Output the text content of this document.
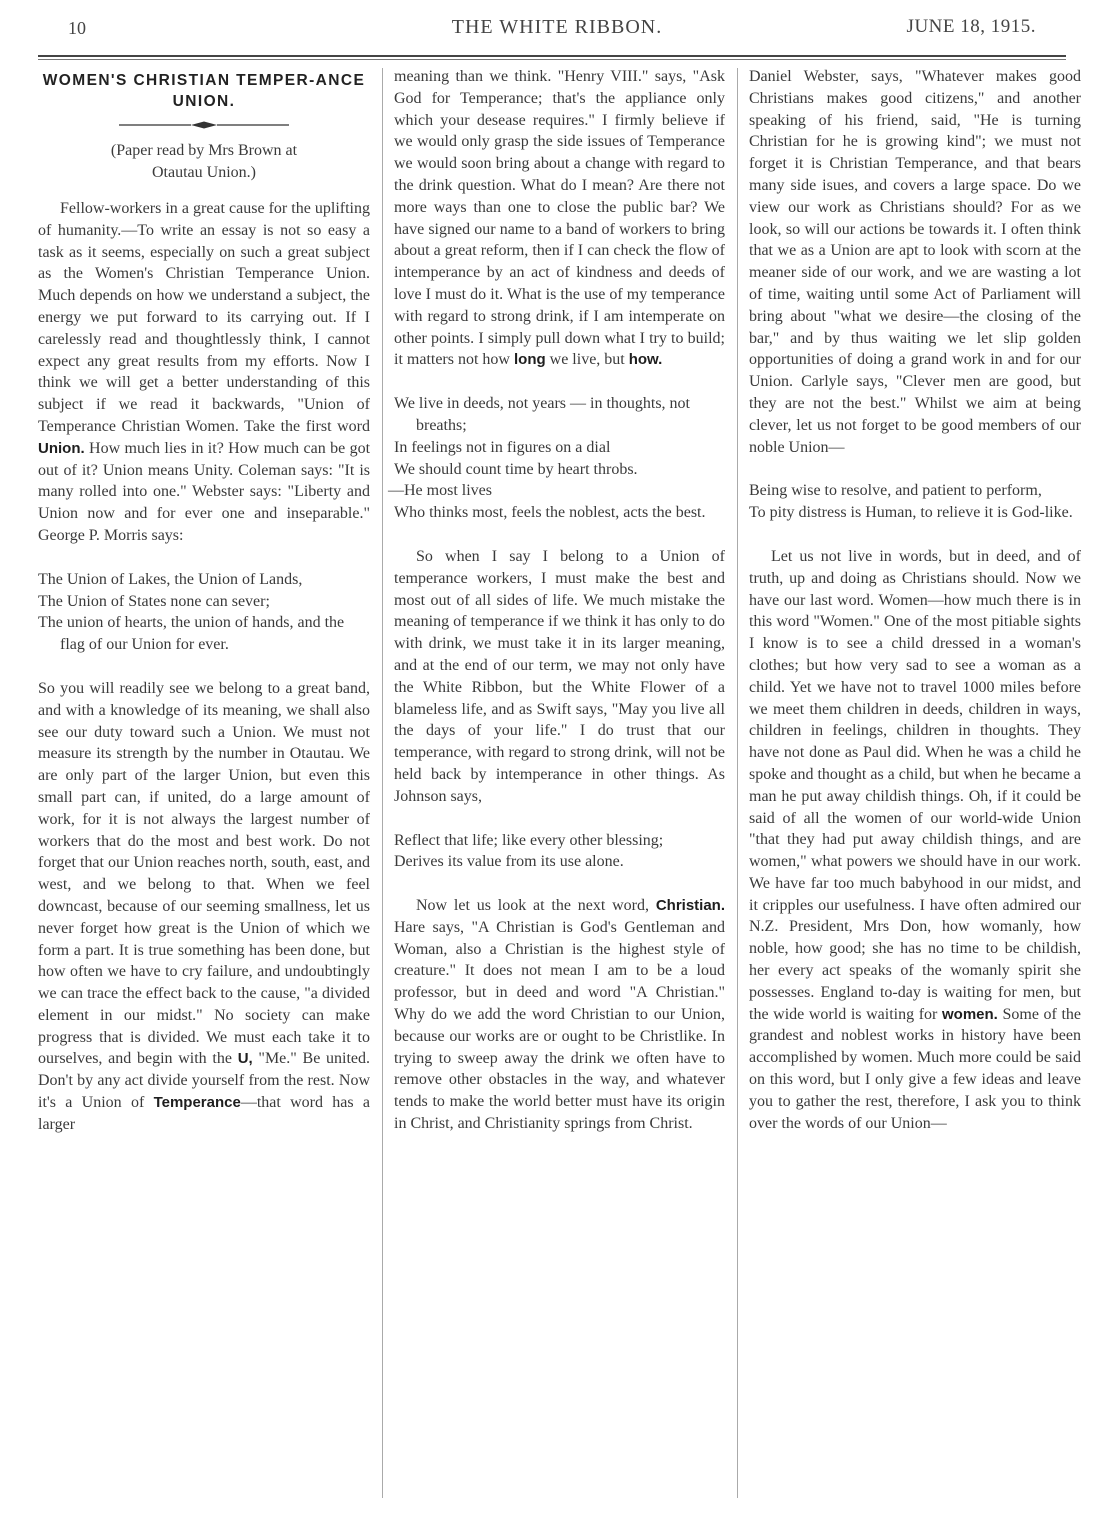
10	THE WHITE RIBBON.	JUNE 18, 1915.
WOMEN'S CHRISTIAN TEMPER-ANCE UNION.
(Paper read by Mrs Brown at
Otautau Union.)

Fellow-workers in a great cause for the uplifting of humanity.—To write an essay is not so easy a task as it seems, especially on such a great subject as the Women's Christian Temperance Union. Much depends on how we understand a subject, the energy we put forward to its carrying out. If I carelessly read and thoughtlessly think, I cannot expect any great results from my efforts. Now I think we will get a better understanding of this subject if we read it backwards, "Union of Temperance Christian Women. Take the first word Union. How much lies in it? How much can be got out of it? Union means Unity. Coleman says: "It is many rolled into one." Webster says: "Liberty and Union now and for ever one and inseparable." George P. Morris says:

The Union of Lakes, the Union of Lands,

The Union of States none can sever;

The union of hearts, the union of hands, and the flag of our Union for ever.

So you will readily see we belong to a great band, and with a knowledge of its meaning, we shall also see our duty toward such a Union. We must not measure its strength by the number in Otautau. We are only part of the larger Union, but even this small part can, if united, do a large amount of work, for it is not always the largest number of workers that do the most and best work. Do not forget that our Union reaches north, south, east, and west, and we belong to that. When we feel downcast, because of our seeming smallness, let us never forget how great is the Union of which we form a part. It is true something has been done, but how often we have to cry failure, and undoubtingly we can trace the effect back to the cause, "a divided element in our midst." No society can make progress that is divided. We must each take it to ourselves, and begin with the U, "Me." Be united. Don't by any act divide yourself from the rest. Now it's a Union of Temperance—that word has a larger

meaning than we think. "Henry VIII." says, "Ask God for Temperance; that's the appliance only which your desease requires." I firmly believe if we would only grasp the side issues of Temperance we would soon bring about a change with regard to the drink question. What do I mean? Are there not more ways than one to close the public bar? We have signed our name to a band of workers to bring about a great reform, then if I can check the flow of intemperance by an act of kindness and deeds of love I must do it. What is the use of my temperance with regard to strong drink, if I am intemperate on other points. I simply pull down what I try to build; it matters not how long we live, but how.

We live in deeds, not years — in thoughts, not breaths;

In feelings not in figures on a dial

We should count time by heart throbs.

—He most lives

Who thinks most, feels the noblest, acts the best.

So when I say I belong to a Union of temperance workers, I must make the best and most out of all sides of life. We much mistake the meaning of temperance if we think it has only to do with drink, we must take it in its larger meaning, and at the end of our term, we may not only have the White Ribbon, but the White Flower of a blameless life, and as Swift says, "May you live all the days of your life." I do trust that our temperance, with regard to strong drink, will not be held back by intemperance in other things. As Johnson says,

Reflect that life; like every other blessing;

Derives its value from its use alone.

Now let us look at the next word, Christian. Hare says, "A Christian is God's Gentleman and Woman, also a Christian is the highest style of creature." It does not mean I am to be a loud professor, but in deed and word "A Christian." Why do we add the word Christian to our Union, because our works are or ought to be Christlike. In trying to sweep away the drink we often have to remove other obstacles in the way, and whatever tends to make the world better must have its origin in Christ, and Christianity springs from Christ.

Daniel Webster, says, "Whatever makes good Christians makes good citizens," and another speaking of his friend, said, "He is turning Christian for he is growing kind"; we must not forget it is Christian Temperance, and that bears many side isues, and covers a large space. Do we view our work as Christians should? For as we look, so will our actions be towards it. I often think that we as a Union are apt to look with scorn at the meaner side of our work, and we are wasting a lot of time, waiting until some Act of Parliament will bring about "what we desire—the closing of the bar," and by thus waiting we let slip golden opportunities of doing a grand work in and for our Union. Carlyle says, "Clever men are good, but they are not the best." Whilst we aim at being clever, let us not forget to be good members of our noble Union—

Being wise to resolve, and patient to perform,

To pity distress is Human, to relieve it is God-like.

Let us not live in words, but in deed, and of truth, up and doing as Christians should. Now we have our last word. Women—how much there is in this word "Women." One of the most pitiable sights I know is to see a child dressed in a woman's clothes; but how very sad to see a woman as a child. Yet we have not to travel 1000 miles before we meet them children in deeds, children in ways, children in feelings, children in thoughts. They have not done as Paul did. When he was a child he spoke and thought as a child, but when he became a man he put away childish things. Oh, if it could be said of all the women of our world-wide Union "that they had put away childish things, and are women," what powers we should have in our work. We have far too much babyhood in our midst, and it cripples our usefulness. I have often admired our N.Z. President, Mrs Don, how womanly, how noble, how good; she has no time to be childish, her every act speaks of the womanly spirit she possesses. England to-day is waiting for men, but the wide world is waiting for women. Some of the grandest and noblest works in history have been accomplished by women. Much more could be said on this word, but I only give a few ideas and leave you to gather the rest, therefore, I ask you to think over the words of our Union—
